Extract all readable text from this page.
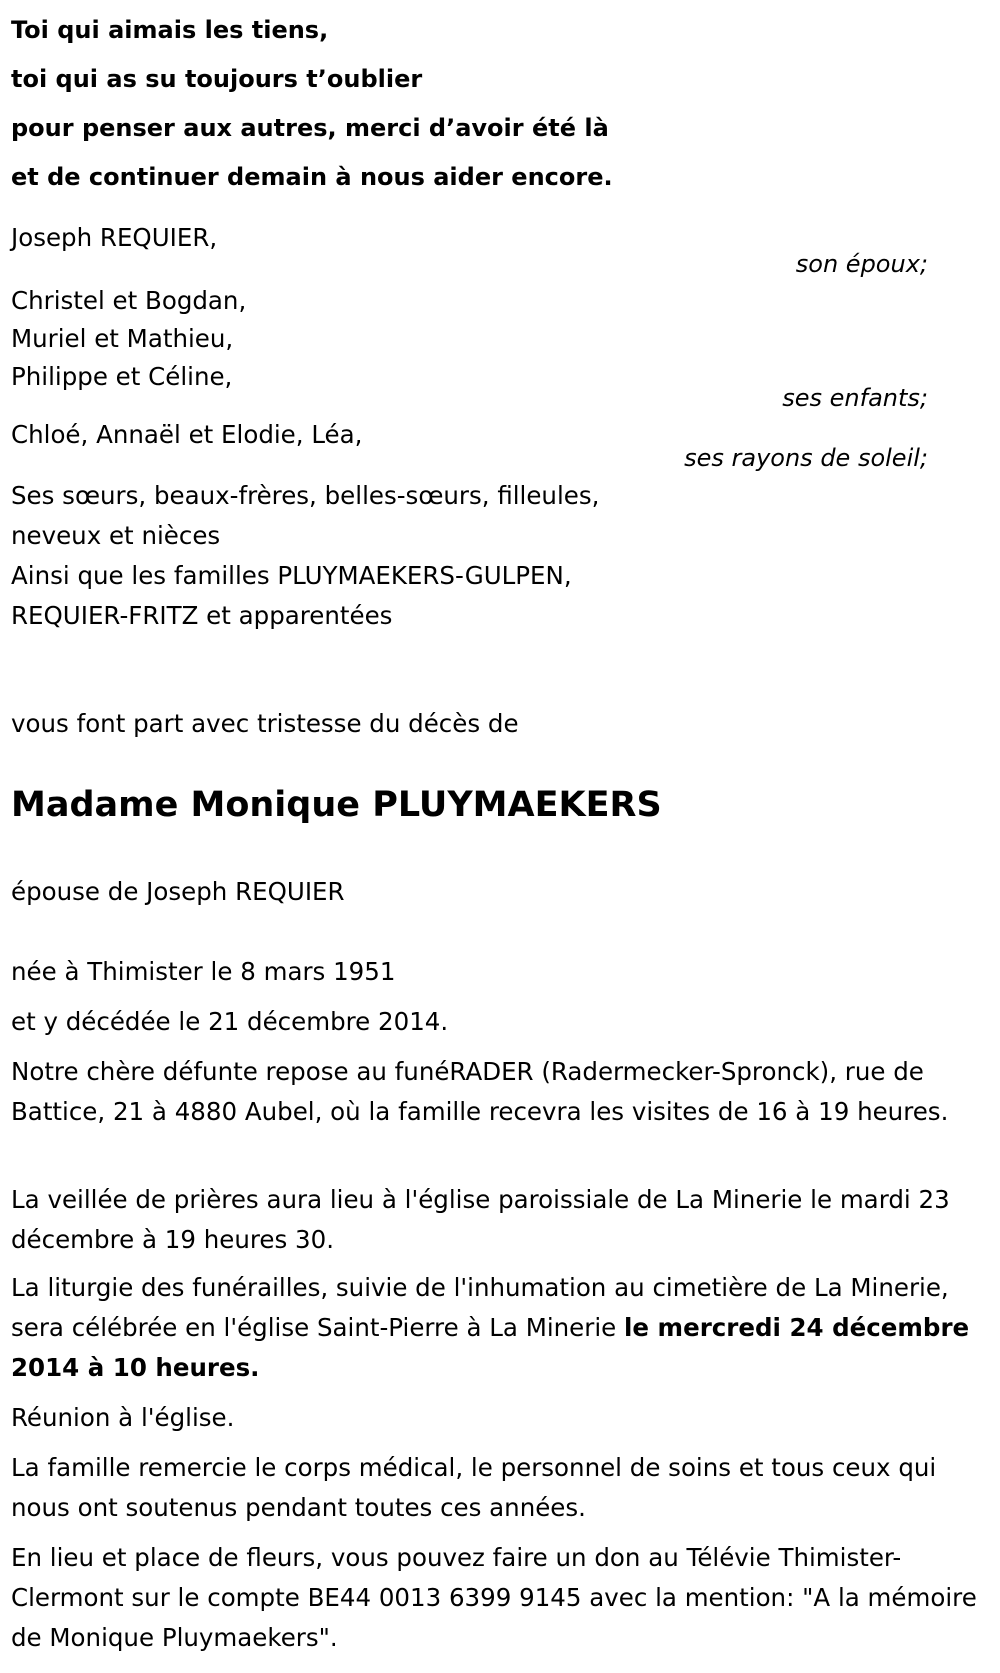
Toi qui aimais les tiens,
toi qui as su toujours t’oublier
pour penser aux autres, merci d’avoir été là
et de continuer demain à nous aider encore.
Joseph REQUIER,
son époux;
Christel et Bogdan,
Muriel et Mathieu,
Philippe et Céline,
ses enfants;
Chloé, Annaël et Elodie, Léa,
ses rayons de soleil;
Ses sœurs, beaux-frères, belles-sœurs, filleules,
neveux et nièces
Ainsi que les familles PLUYMAEKERS-GULPEN,
REQUIER-FRITZ et apparentées
vous font part avec tristesse du décès de
Madame Monique PLUYMAEKERS
épouse de Joseph REQUIER
née à Thimister le 8 mars 1951
et y décédée le 21 décembre 2014.
Notre chère défunte repose au funéRADER (Radermecker-Spronck), rue de Battice, 21 à 4880 Aubel, où la famille recevra les visites de 16 à 19 heures.
La veillée de prières aura lieu à l'église paroissiale de La Minerie le mardi 23 décembre à 19 heures 30.
La liturgie des funérailles, suivie de l'inhumation au cimetière de La Minerie, sera célébrée en l'église Saint-Pierre à La Minerie le mercredi 24 décembre 2014 à 10 heures.
Réunion à l'église.
La famille remercie le corps médical, le personnel de soins et tous ceux qui nous ont soutenus pendant toutes ces années.
En lieu et place de fleurs, vous pouvez faire un don au Télévie Thimister-Clermont sur le compte BE44 0013 6399 9145 avec la mention: "A la mémoire de Monique Pluymaekers".
